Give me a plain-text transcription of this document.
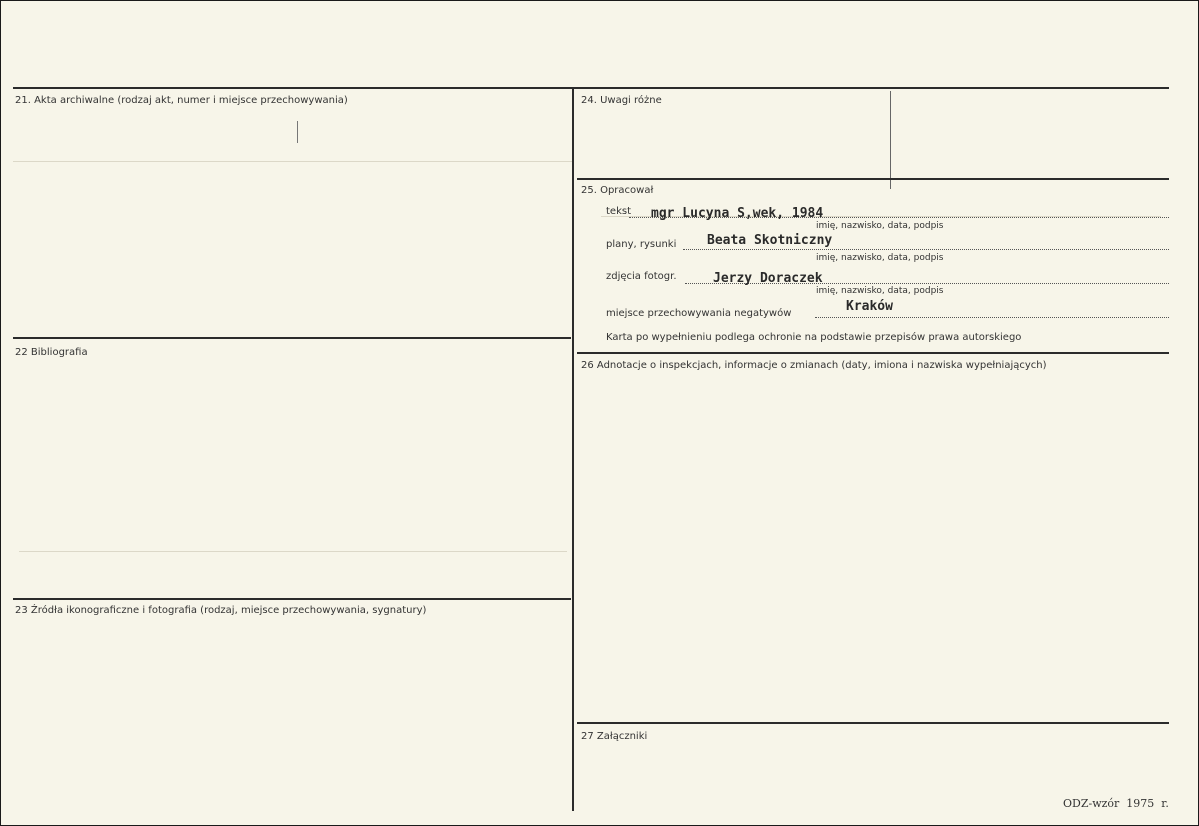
21. Akta archiwalne (rodzaj akt, numer i miejsce przechowywania)
22 Bibliografia
23 Źródła ikonograficzne i fotografia (rodzaj, miejsce przechowywania, sygnatury)
24. Uwagi różne
25. Opracował
tekst mgr Lucyna S,wek, 1984
imię, nazwisko, data, podpis
plany, rysunki Beata Skotniczny
imię, nazwisko, data, podpis
zdjęcia fotogr.	Jerzy Doraczek
imię, nazwisko, data, podpis
miejsce przechowywania negatywów	Kraków
Karta po wypełnieniu podlega ochronie na podstawie przepisów prawa autorskiego
26 Adnotacje o inspekcjach, informacje o zmianach (daty, imiona i nazwiska wypełniających)
27 Załączniki
ODZ-wzór 1975 r.
